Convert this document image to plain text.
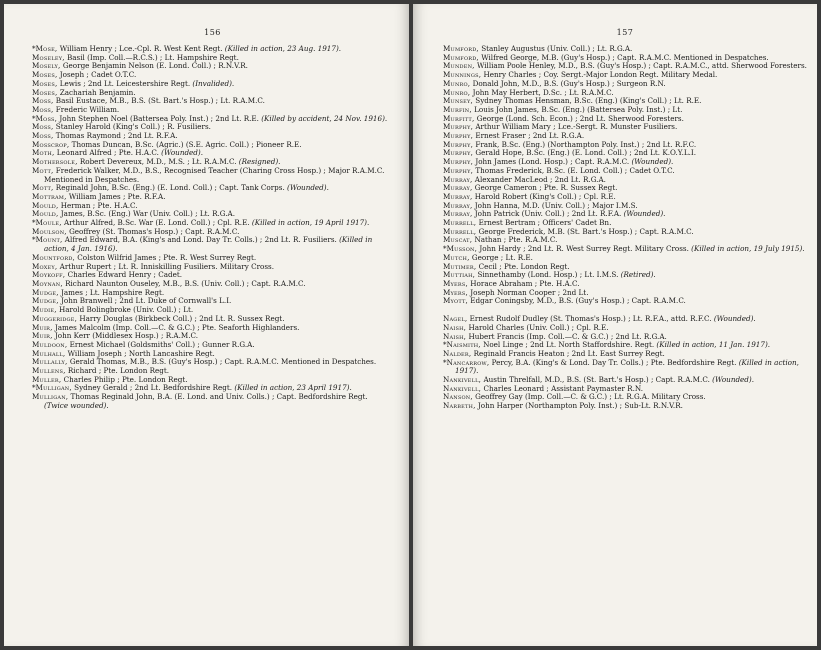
156

*Mose, William Henry ; Lce.-Cpl. R. West Kent Regt. (Killed in action, 23 Aug. 1917).

Moseley, Basil (Imp. Coll.—R.C.S.) ; Lt. Hampshire Regt.

Mosely, George Benjamin Nelson (E. Lond. Coll.) ; R.N.V.R.

Moses, Joseph ; Cadet O.T.C.

Moses, Lewis ; 2nd Lt. Leicestershire Regt. (Invalided).

Moses, Zachariah Benjamin.

Moss, Basil Eustace, M.B., B.S. (St. Bart.'s Hosp.) ; Lt. R.A.M.C.

Moss, Frederic William.

*Moss, John Stephen Noel (Battersea Poly. Inst.) ; 2nd Lt. R.E. (Killed by accident, 24 Nov. 1916).

Moss, Stanley Harold (King's Coll.) ; R. Fusiliers.

Moss, Thomas Raymond ; 2nd Lt. R.F.A.

Mosscrop, Thomas Duncan, B.Sc. (Agric.) (S.E. Agric. Coll.) ; Pioneer R.E.

Moth, Leonard Alfred ; Pte. H.A.C. (Wounded).

Mothersole, Robert Devereux, M.D., M.S. ; Lt. R.A.M.C. (Resigned).

Mott, Frederick Walker, M.D., B.S., Recognised Teacher (Charing Cross Hosp.) ; Major R.A.M.C. Mentioned in Despatches.

Mott, Reginald John, B.Sc. (Eng.) (E. Lond. Coll.) ; Capt. Tank Corps. (Wounded).

Mottram, William James ; Pte. R.F.A.

Mould, Herman ; Pte. H.A.C.

Mould, James, B.Sc. (Eng.) War (Univ. Coll.) ; Lt. R.G.A.

*Moule, Arthur Alfred, B.Sc. War (E. Lond. Coll.) ; Cpl. R.E. (Killed in action, 19 April 1917).

Moulson, Geoffrey (St. Thomas's Hosp.) ; Capt. R.A.M.C.

*Mount, Alfred Edward, B.A. (King's and Lond. Day Tr. Colls.) ; 2nd Lt. R. Fusiliers. (Killed in action, 4 Jan. 1916).

Mountford, Colston Wilfrid James ; Pte. R. West Surrey Regt.

Moxey, Arthur Rupert ; Lt. R. Inniskilling Fusiliers. Military Cross.

Moykoff, Charles Edward Henry ; Cadet.

Moynan, Richard Naunton Ouseley, M.B., B.S. (Univ. Coll.) ; Capt. R.A.M.C.

Mudge, James ; Lt. Hampshire Regt.

Mudge, John Branwell ; 2nd Lt. Duke of Cornwall's L.I.

Mudie, Harold Bolingbroke (Univ. Coll.) ; Lt.

Muggeridge, Harry Douglas (Birkbeck Coll.) ; 2nd Lt. R. Sussex Regt.

Muir, James Malcolm (Imp. Coll.—C. & G.C.) ; Pte. Seaforth Highlanders.

Muir, John Kerr (Middlesex Hosp.) ; R.A.M.C.

Muldoon, Ernest Michael (Goldsmiths' Coll.) ; Gunner R.G.A.

Mulhall, William Joseph ; North Lancashire Regt.

Mullally, Gerald Thomas, M.B., B.S. (Guy's Hosp.) ; Capt. R.A.M.C. Mentioned in Despatches.

Mullens, Richard ; Pte. London Regt.

Muller, Charles Philip ; Pte. London Regt.

*Mulligan, Sydney Gerald ; 2nd Lt. Bedfordshire Regt. (Killed in action, 23 April 1917).

Mulligan, Thomas Reginald John, B.A. (E. Lond. and Univ. Colls.) ; Capt. Bedfordshire Regt. (Twice wounded).

157

Mumford, Stanley Augustus (Univ. Coll.) ; Lt. R.G.A.

Mumford, Wilfred George, M.B. (Guy's Hosp.) ; Capt. R.A.M.C. Mentioned in Despatches.

Munden, William Poole Henley, M.D., B.S. (Guy's Hosp.) ; Capt. R.A.M.C., attd. Sherwood Foresters.

Munnings, Henry Charles ; Coy. Sergt.-Major London Regt. Military Medal.

Munro, Donald John, M.D., B.S. (Guy's Hosp.) ; Surgeon R.N.

Munro, John May Herbert, D.Sc. ; Lt. R.A.M.C.

Munsey, Sydney Thomas Hensman, B.Sc. (Eng.) (King's Coll.) ; Lt. R.E.

Murfin, Louis John James, B.Sc. (Eng.) (Battersea Poly. Inst.) ; Lt.

Murfitt, George (Lond. Sch. Econ.) ; 2nd Lt. Sherwood Foresters.

Murphy, Arthur William Mary ; Lce.-Sergt. R. Munster Fusiliers.

Murphy, Ernest Fraser ; 2nd Lt. R.G.A.

Murphy, Frank, B.Sc. (Eng.) (Northampton Poly. Inst.) ; 2nd Lt. R.F.C.

Murphy, Gerald Hope, B.Sc. (Eng.) (E. Lond. Coll.) ; 2nd Lt. K.O.Y.L.I.

Murphy, John James (Lond. Hosp.) ; Capt. R.A.M.C. (Wounded).

Murphy, Thomas Frederick, B.Sc. (E. Lond. Coll.) ; Cadet O.T.C.

Murray, Alexander MacLeod ; 2nd Lt. R.G.A.

Murray, George Cameron ; Pte. R. Sussex Regt.

Murray, Harold Robert (King's Coll.) ; Cpl. R.E.

Murray, John Hanna, M.D. (Univ. Coll.) ; Major I.M.S.

Murray, John Patrick (Univ. Coll.) ; 2nd Lt. R.F.A. (Wounded).

Murrell, Ernest Bertram ; Officers' Cadet Bn.

Murrell, George Frederick, M.B. (St. Bart.'s Hosp.) ; Capt. R.A.M.C.

Muscat, Nathan ; Pte. R.A.M.C.

*Musson, John Hardy ; 2nd Lt. R. West Surrey Regt. Military Cross. (Killed in action, 19 July 1915).

Mutch, George ; Lt. R.E.

Mutimer, Cecil ; Pte. London Regt.

Muttiah, Sinnethamby (Lond. Hosp.) ; Lt. I.M.S. (Retired).

Myers, Horace Abraham ; Pte. H.A.C.

Myers, Joseph Norman Cooper ; 2nd Lt.

Myott, Edgar Coningsby, M.D., B.S. (Guy's Hosp.) ; Capt. R.A.M.C.

Nagel, Ernest Rudolf Dudley (St. Thomas's Hosp.) ; Lt. R.F.A., attd. R.F.C. (Wounded).

Naish, Harold Charles (Univ. Coll.) ; Cpl. R.E.

Naish, Hubert Francis (Imp. Coll.—C. & G.C.) ; 2nd Lt. R.G.A.

*Naismith, Noel Linge ; 2nd Lt. North Staffordshire. Regt. (Killed in action, 11 Jan. 1917).

Nalder, Reginald Francis Heaton ; 2nd Lt. East Surrey Regt.

*Nancarrow, Percy, B.A. (King's & Lond. Day Tr. Colls.) ; Pte. Bedfordshire Regt. (Killed in action, 1917).

Nankivell, Austin Threlfall, M.D., B.S. (St. Bart.'s Hosp.) ; Capt. R.A.M.C. (Wounded).

Nankivell, Charles Leonard ; Assistant Paymaster R.N.

Nanson, Geoffrey Gay (Imp. Coll.—C. & G.C.) ; Lt. R.G.A. Military Cross.

Narbeth, John Harper (Northampton Poly. Inst.) ; Sub-Lt. R.N.V.R.
